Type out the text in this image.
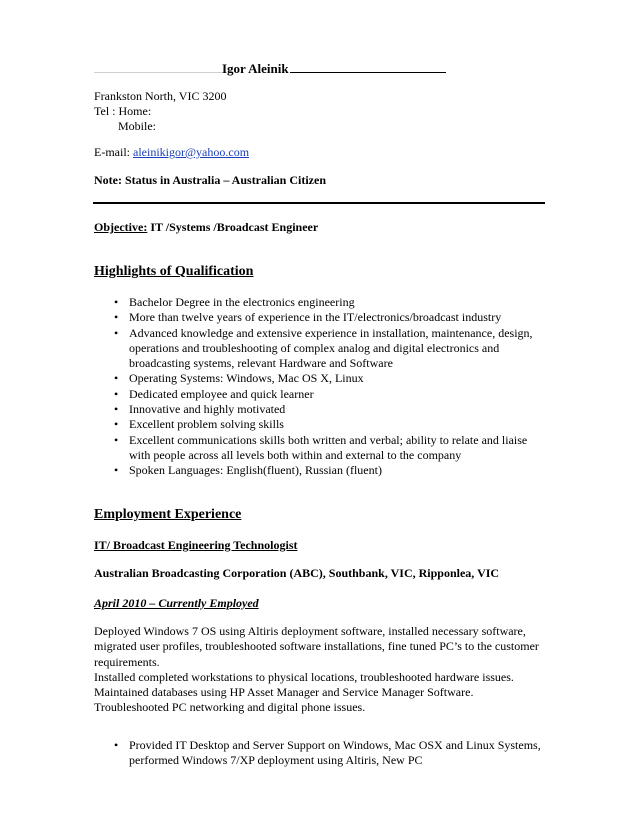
Igor Aleinik
Frankston North, VIC 3200
Tel : Home:
Mobile:
E-mail: aleinikigor@yahoo.com
Note: Status in Australia – Australian Citizen
Objective: IT /Systems /Broadcast Engineer
Highlights of Qualification
• Bachelor Degree in the electronics engineering
• More than twelve years of experience in the IT/electronics/broadcast industry
• Advanced knowledge and extensive experience in installation, maintenance, design, operations and troubleshooting of complex analog and digital electronics and broadcasting systems, relevant Hardware and Software
• Operating Systems: Windows, Mac OS X, Linux
• Dedicated employee and quick learner
• Innovative and highly motivated
• Excellent problem solving skills
• Excellent communications skills both written and verbal; ability to relate and liaise with people across all levels both within and external to the company
• Spoken Languages: English(fluent), Russian (fluent)
Employment Experience
IT/ Broadcast Engineering Technologist
Australian Broadcasting Corporation (ABC), Southbank, VIC, Ripponlea, VIC
April 2010 – Currently Employed
Deployed Windows 7 OS using Altiris deployment software, installed necessary software, migrated user profiles, troubleshooted software installations, fine tuned PC’s to the customer requirements.
Installed completed workstations to physical locations, troubleshooted hardware issues.
Maintained databases using HP Asset Manager and Service Manager Software.
Troubleshooted PC networking and digital phone issues.
• Provided IT Desktop and Server Support on Windows, Mac OSX and Linux Systems, performed Windows 7/XP deployment using Altiris, New PC
